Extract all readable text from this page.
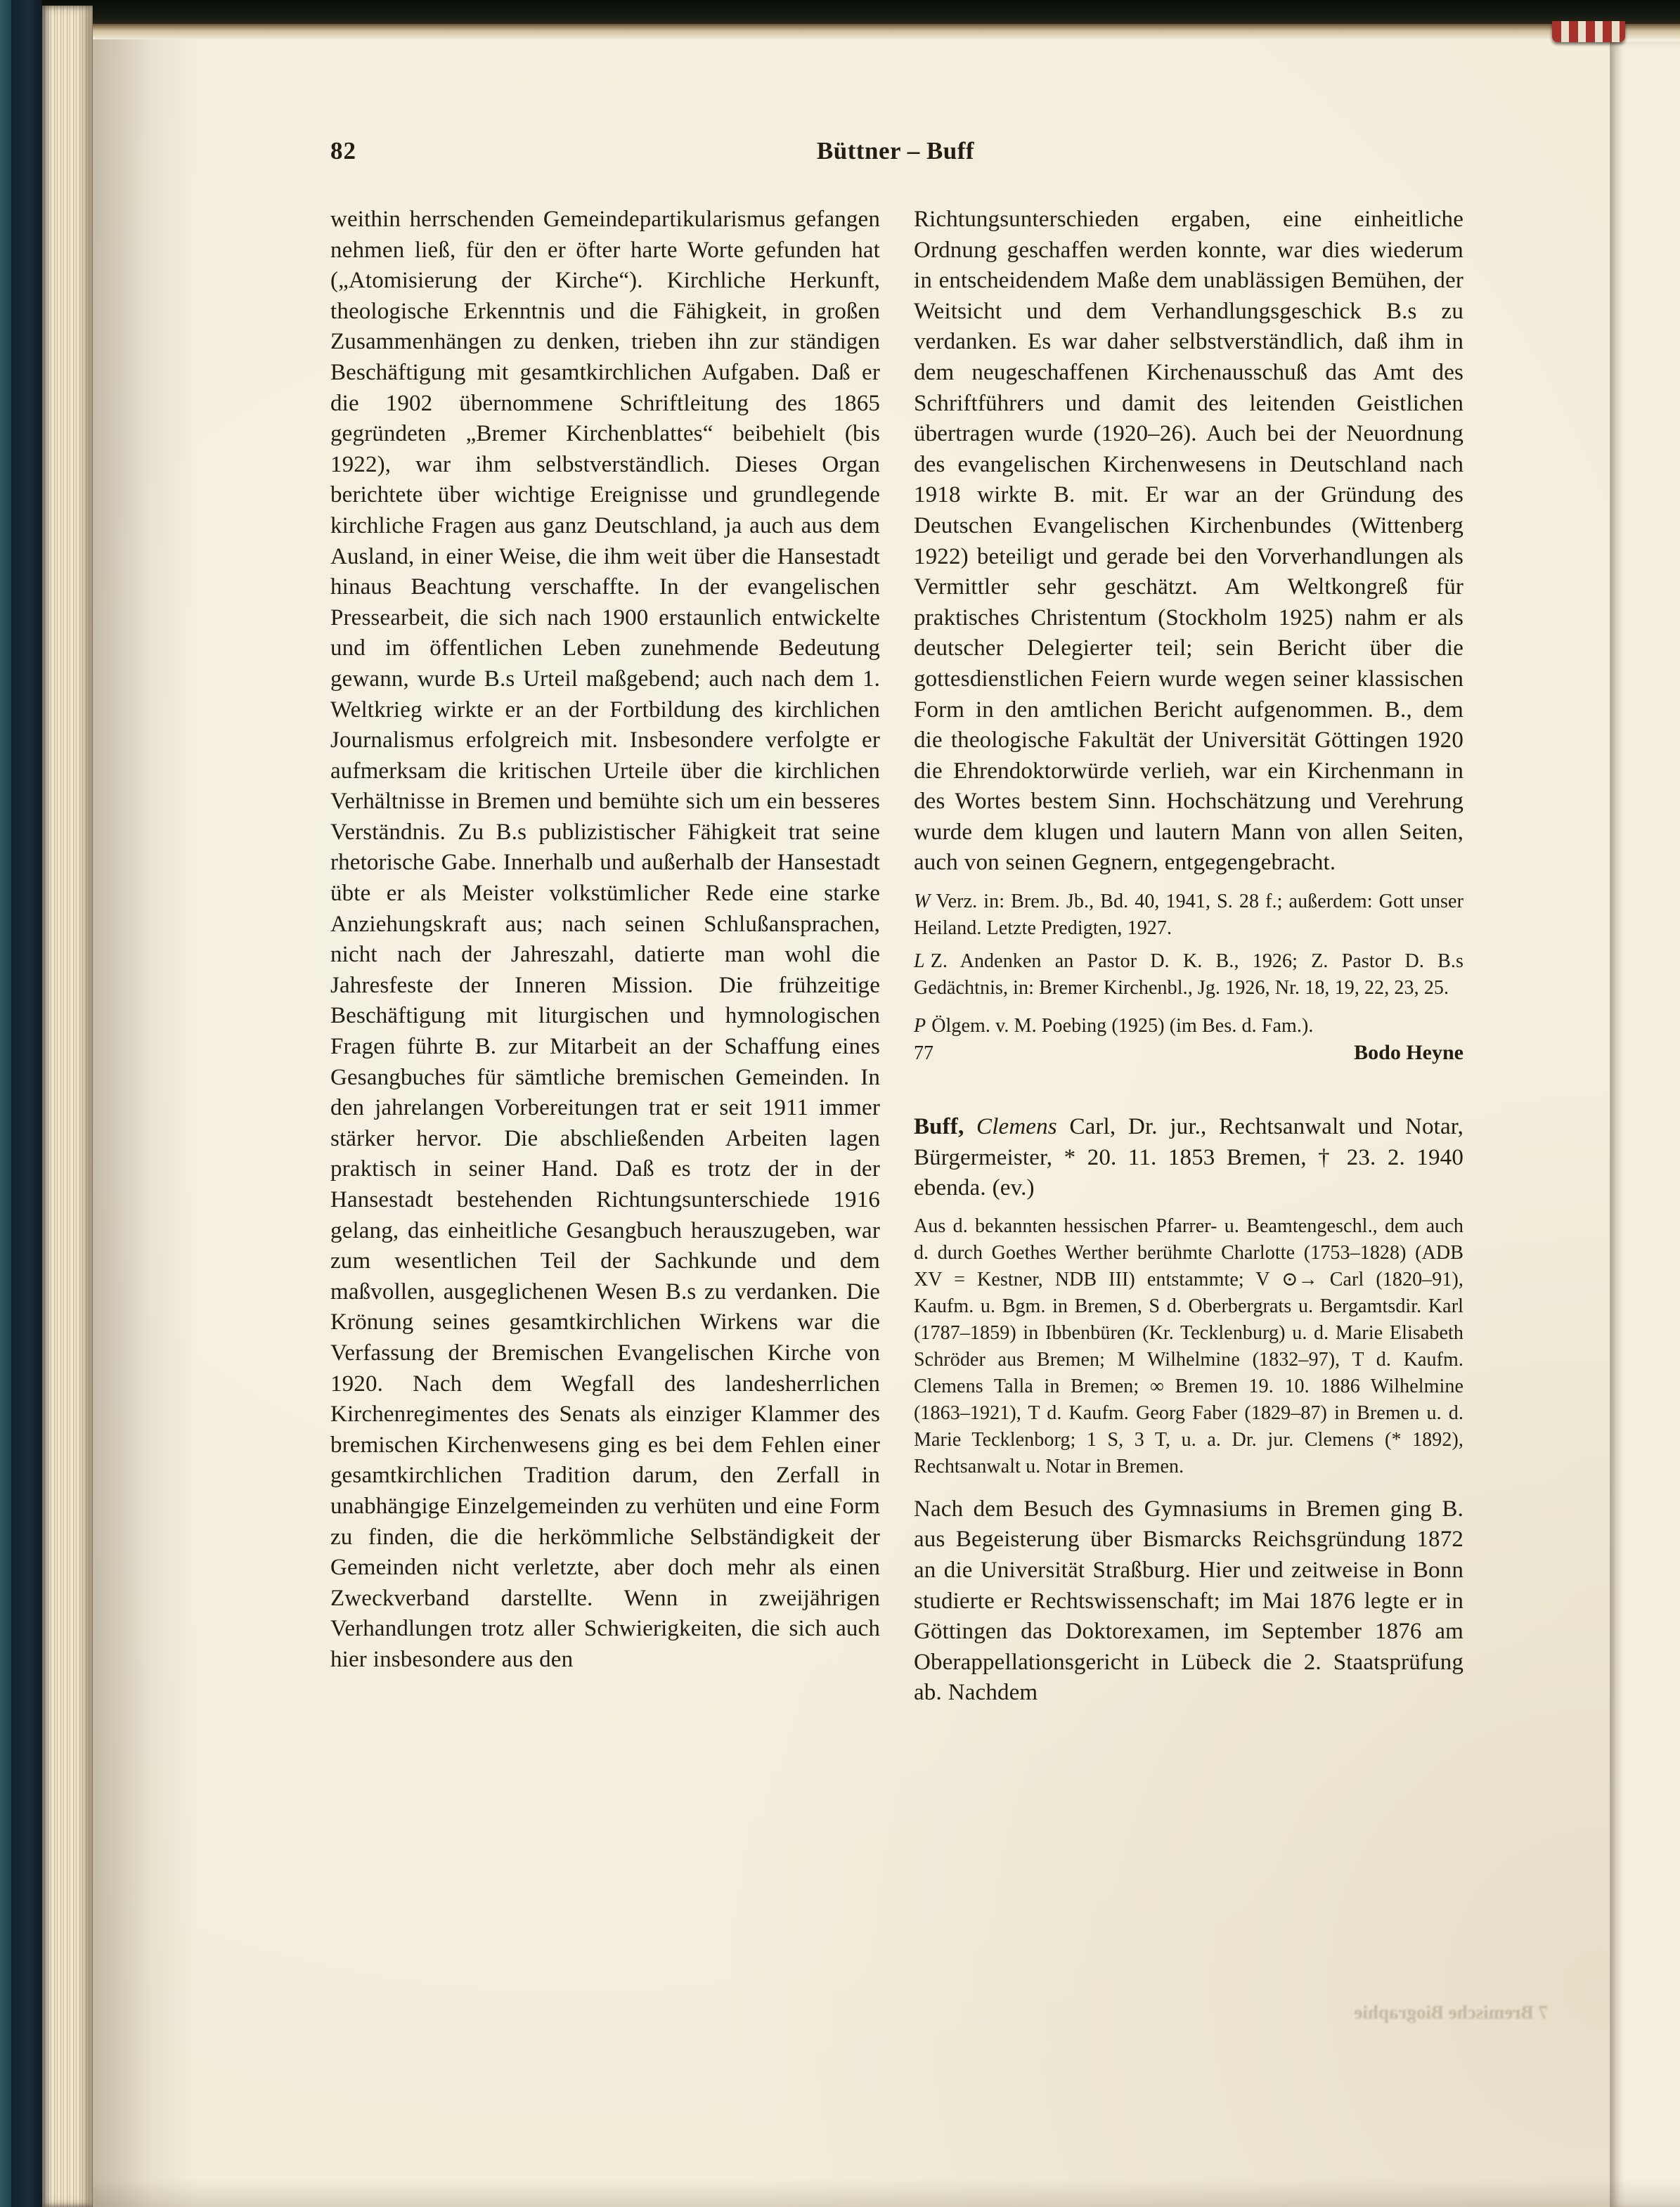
82	Büttner – Buff

weithin herrschenden Gemeindepartikularismus gefangen nehmen ließ, für den er öfter harte Worte gefunden hat („Atomisierung der Kirche“). Kirchliche Herkunft, theologische Erkenntnis und die Fähigkeit, in großen Zusammenhängen zu denken, trieben ihn zur ständigen Beschäftigung mit gesamtkirchlichen Aufgaben. Daß er die 1902 übernommene Schriftleitung des 1865 gegründeten „Bremer Kirchenblattes“ beibehielt (bis 1922), war ihm selbstverständlich. Dieses Organ berichtete über wichtige Ereignisse und grundlegende kirchliche Fragen aus ganz Deutschland, ja auch aus dem Ausland, in einer Weise, die ihm weit über die Hansestadt hinaus Beachtung verschaffte. In der evangelischen Pressearbeit, die sich nach 1900 erstaunlich entwickelte und im öffentlichen Leben zunehmende Bedeutung gewann, wurde B.s Urteil maßgebend; auch nach dem 1. Weltkrieg wirkte er an der Fortbildung des kirchlichen Journalismus erfolgreich mit. Insbesondere verfolgte er aufmerksam die kritischen Urteile über die kirchlichen Verhältnisse in Bremen und bemühte sich um ein besseres Verständnis. Zu B.s publizistischer Fähigkeit trat seine rhetorische Gabe. Innerhalb und außerhalb der Hansestadt übte er als Meister volkstümlicher Rede eine starke Anziehungskraft aus; nach seinen Schlußansprachen, nicht nach der Jahreszahl, datierte man wohl die Jahresfeste der Inneren Mission. Die frühzeitige Beschäftigung mit liturgischen und hymnologischen Fragen führte B. zur Mitarbeit an der Schaffung eines Gesangbuches für sämtliche bremischen Gemeinden. In den jahrelangen Vorbereitungen trat er seit 1911 immer stärker hervor. Die abschließenden Arbeiten lagen praktisch in seiner Hand. Daß es trotz der in der Hansestadt bestehenden Richtungsunterschiede 1916 gelang, das einheitliche Gesangbuch herauszugeben, war zum wesentlichen Teil der Sachkunde und dem maßvollen, ausgeglichenen Wesen B.s zu verdanken. Die Krönung seines gesamtkirchlichen Wirkens war die Verfassung der Bremischen Evangelischen Kirche von 1920. Nach dem Wegfall des landesherrlichen Kirchenregimentes des Senats als einziger Klammer des bremischen Kirchenwesens ging es bei dem Fehlen einer gesamtkirchlichen Tradition darum, den Zerfall in unabhängige Einzelgemeinden zu verhüten und eine Form zu finden, die die herkömmliche Selbständigkeit der Gemeinden nicht verletzte, aber doch mehr als einen Zweckverband darstellte. Wenn in zweijährigen Verhandlungen trotz aller Schwierigkeiten, die sich auch hier insbesondere aus den

Richtungsunterschieden ergaben, eine einheitliche Ordnung geschaffen werden konnte, war dies wiederum in entscheidendem Maße dem unablässigen Bemühen, der Weitsicht und dem Verhandlungsgeschick B.s zu verdanken. Es war daher selbstverständlich, daß ihm in dem neugeschaffenen Kirchenausschuß das Amt des Schriftführers und damit des leitenden Geistlichen übertragen wurde (1920–26). Auch bei der Neuordnung des evangelischen Kirchenwesens in Deutschland nach 1918 wirkte B. mit. Er war an der Gründung des Deutschen Evangelischen Kirchenbundes (Wittenberg 1922) beteiligt und gerade bei den Vorverhandlungen als Vermittler sehr geschätzt. Am Weltkongreß für praktisches Christentum (Stockholm 1925) nahm er als deutscher Delegierter teil; sein Bericht über die gottesdienstlichen Feiern wurde wegen seiner klassischen Form in den amtlichen Bericht aufgenommen. B., dem die theologische Fakultät der Universität Göttingen 1920 die Ehrendoktorwürde verlieh, war ein Kirchenmann in des Wortes bestem Sinn. Hochschätzung und Verehrung wurde dem klugen und lautern Mann von allen Seiten, auch von seinen Gegnern, entgegengebracht.

W Verz. in: Brem. Jb., Bd. 40, 1941, S. 28 f.; außerdem: Gott unser Heiland. Letzte Predigten, 1927.

L Z. Andenken an Pastor D. K. B., 1926; Z. Pastor D. B.s Gedächtnis, in: Bremer Kirchenbl., Jg. 1926, Nr. 18, 19, 22, 23, 25.

P Ölgem. v. M. Poebing (1925) (im Bes. d. Fam.).

77	Bodo Heyne

Buff, Clemens Carl, Dr. jur., Rechtsanwalt und Notar, Bürgermeister, * 20. 11. 1853 Bremen, † 23. 2. 1940 ebenda. (ev.)

Aus d. bekannten hessischen Pfarrer- u. Beamtengeschl., dem auch d. durch Goethes Werther berühmte Charlotte (1753–1828) (ADB XV = Kestner, NDB III) entstammte; V ⊙→ Carl (1820–91), Kaufm. u. Bgm. in Bremen, S d. Oberbergrats u. Bergamtsdir. Karl (1787–1859) in Ibbenbüren (Kr. Tecklenburg) u. d. Marie Elisabeth Schröder aus Bremen; M Wilhelmine (1832–97), T d. Kaufm. Clemens Talla in Bremen; ∞ Bremen 19. 10. 1886 Wilhelmine (1863–1921), T d. Kaufm. Georg Faber (1829–87) in Bremen u. d. Marie Tecklenborg; 1 S, 3 T, u. a. Dr. jur. Clemens (* 1892), Rechtsanwalt u. Notar in Bremen.

Nach dem Besuch des Gymnasiums in Bremen ging B. aus Begeisterung über Bismarcks Reichsgründung 1872 an die Universität Straßburg. Hier und zeitweise in Bonn studierte er Rechtswissenschaft; im Mai 1876 legte er in Göttingen das Doktorexamen, im September 1876 am Oberappellationsgericht in Lübeck die 2. Staatsprüfung ab. Nachdem

7 Bremische Biographie
